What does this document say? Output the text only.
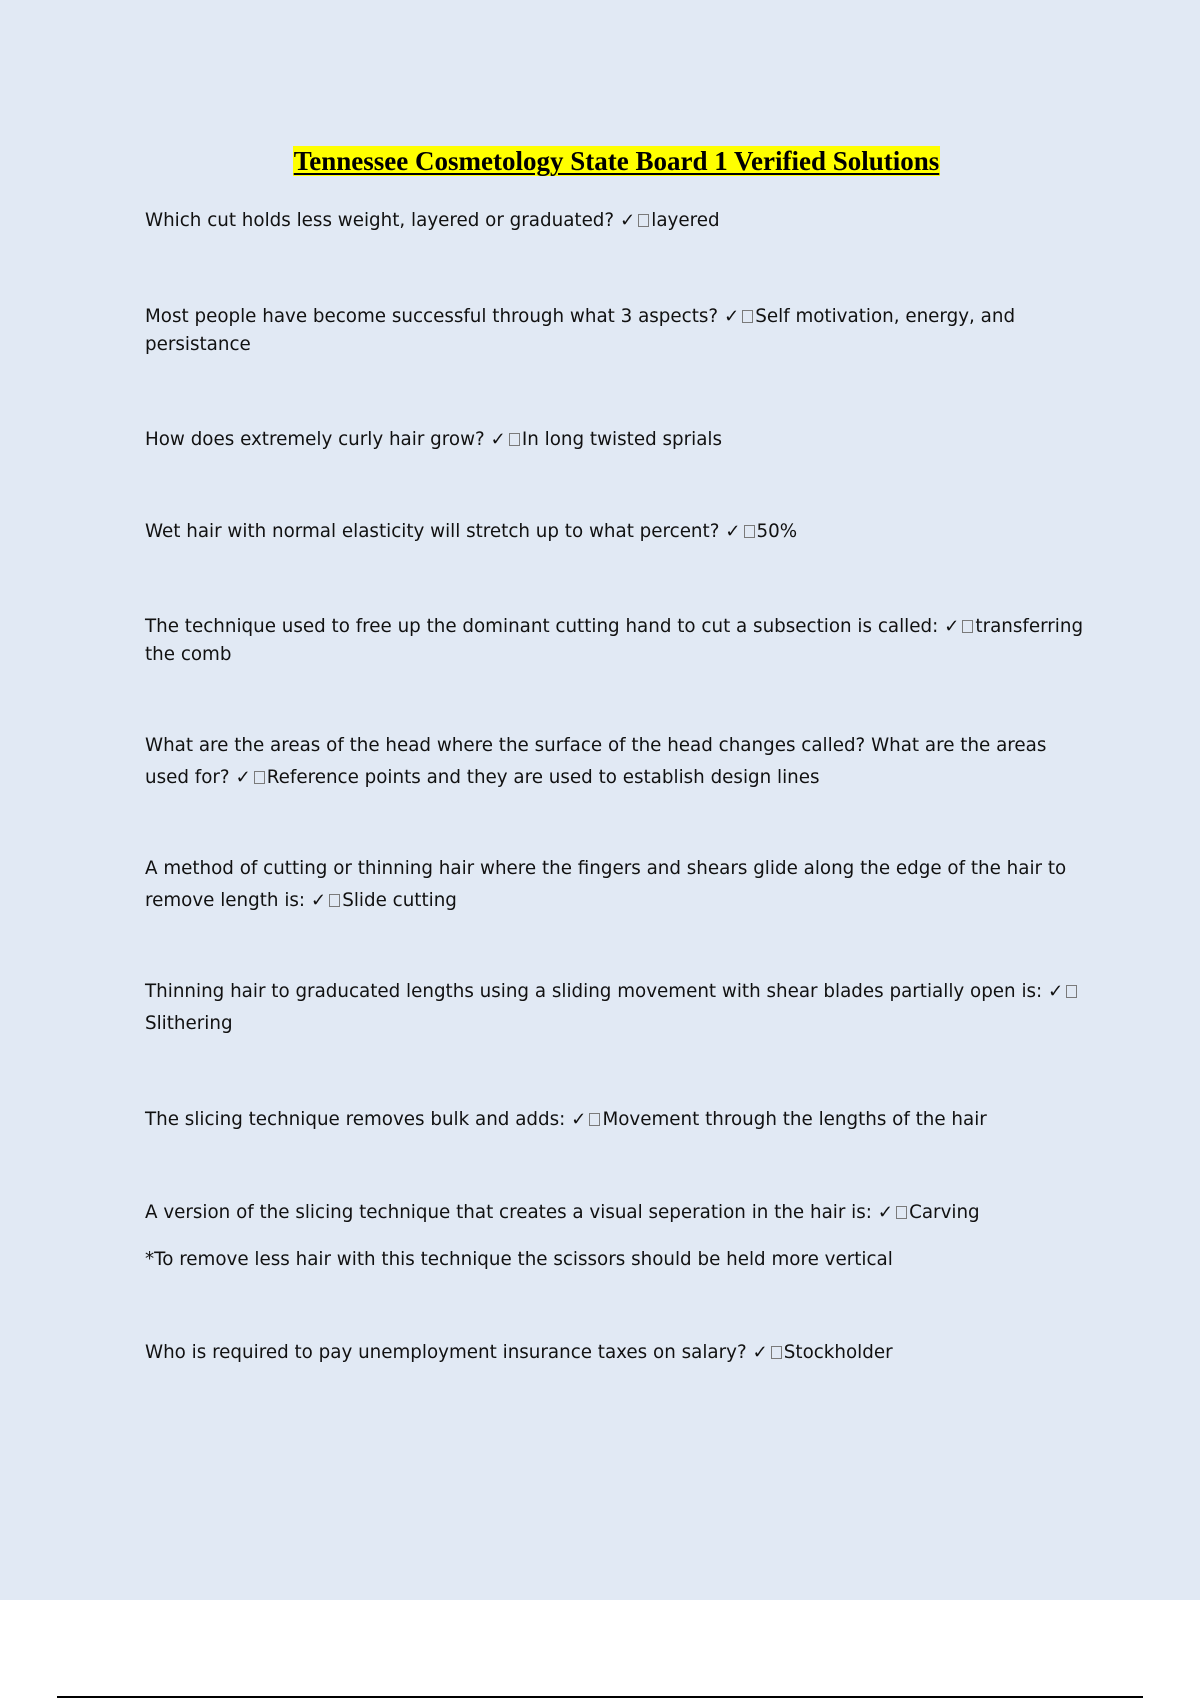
Tennessee Cosmetology State Board 1 Verified Solutions

Which cut holds less weight, layered or graduated? ✓ layered

Most people have become successful through what 3 aspects? ✓ Self motivation, energy, and persistance

How does extremely curly hair grow? ✓ In long twisted sprials

Wet hair with normal elasticity will stretch up to what percent? ✓ 50%

The technique used to free up the dominant cutting hand to cut a subsection is called: ✓ transferring the comb

What are the areas of the head where the surface of the head changes called? What are the areas used for? ✓ Reference points and they are used to establish design lines

A method of cutting or thinning hair where the fingers and shears glide along the edge of the hair to remove length is: ✓ Slide cutting

Thinning hair to graducated lengths using a sliding movement with shear blades partially open is: ✓Slithering

The slicing technique removes bulk and adds: ✓ Movement through the lengths of the hair

A version of the slicing technique that creates a visual seperation in the hair is: ✓ Carving

*To remove less hair with this technique the scissors should be held more vertical

Who is required to pay unemployment insurance taxes on salary? ✓ Stockholder
